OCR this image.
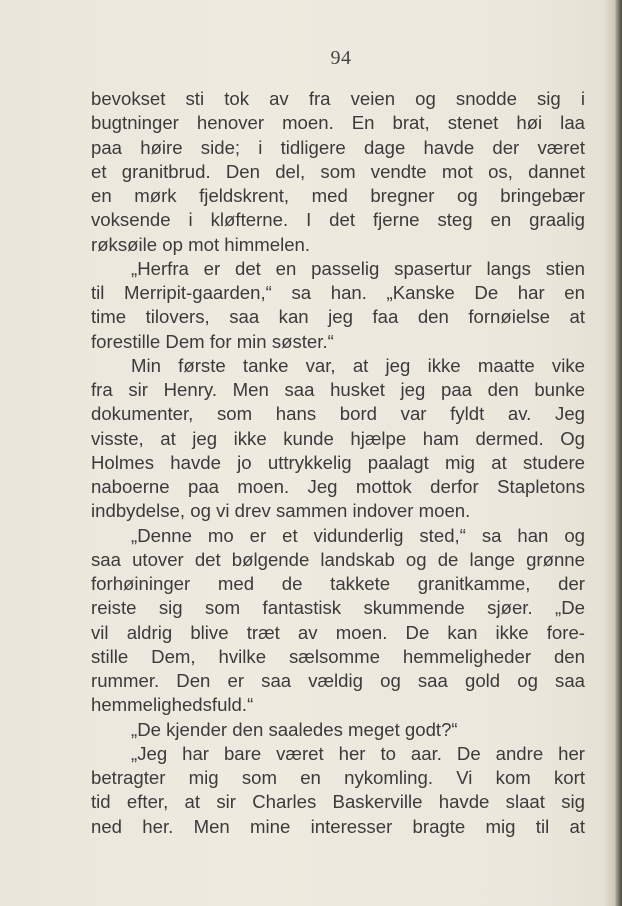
94
bevokset sti tok av fra veien og snodde sig i
bugtninger henover moen. En brat, stenet høi laa
paa høire side; i tidligere dage havde der været
et granitbrud. Den del, som vendte mot os, dannet
en mørk fjeldskrent, med bregner og bringebær
voksende i kløfterne. I det fjerne steg en graalig
røksøile op mot himmelen.
„Herfra er det en passelig spasertur langs stien
til Merripit-gaarden,“ sa han. „Kanske De har en
time tilovers, saa kan jeg faa den fornøielse at
forestille Dem for min søster.“
Min første tanke var, at jeg ikke maatte vike
fra sir Henry. Men saa husket jeg paa den bunke
dokumenter, som hans bord var fyldt av. Jeg
visste, at jeg ikke kunde hjælpe ham dermed. Og
Holmes havde jo uttrykkelig paalagt mig at studere
naboerne paa moen. Jeg mottok derfor Stapletons
indbydelse, og vi drev sammen indover moen.
„Denne mo er et vidunderlig sted,“ sa han og
saa utover det bølgende landskab og de lange grønne
forhøininger med de takkete granitkamme, der
reiste sig som fantastisk skummende sjøer. „De
vil aldrig blive træt av moen. De kan ikke fore-
stille Dem, hvilke sælsomme hemmeligheder den
rummer. Den er saa vældig og saa gold og saa
hemmelighedsfuld.“
„De kjender den saaledes meget godt?“
„Jeg har bare været her to aar. De andre her
betragter mig som en nykomling. Vi kom kort
tid efter, at sir Charles Baskerville havde slaat sig
ned her. Men mine interesser bragte mig til at
